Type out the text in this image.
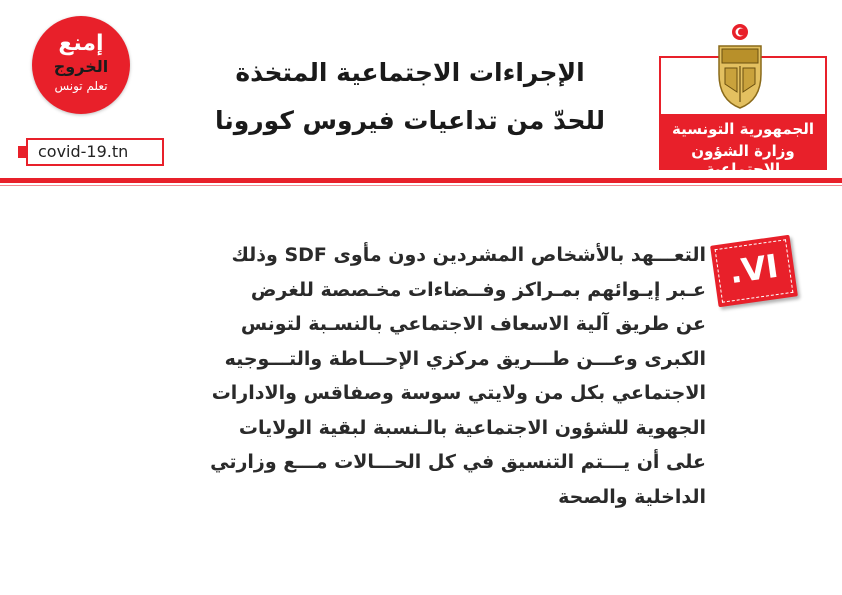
إمنع
الخروج
تعلم تونس
covid-19.tn
الإجراءات الاجتماعية المتخذة
للحدّ من تداعيات فيروس كورونا	الجمهورية التونسية
وزارة الشؤون الاجتماعية
.VI

التعـــهد بالأشخاص المشردين دون مأوى SDF وذلك
عـبر إيـوائهم بمـراكز وفــضاءات مخـصصة للغرض
عن طريق آلية الاسعاف الاجتماعي بالنسـبة لتونس
الكبرى وعـــن طـــريق مركزي الإحـــاطة والتـــوجيه
الاجتماعي بكل من ولايتي سوسة وصفاقس والادارات
الجهوية للشؤون الاجتماعية بالـنسبة لبقية الولايات
على أن يـــتم التنسيق في كل الحـــالات مـــع وزارتي
الداخلية والصحة
